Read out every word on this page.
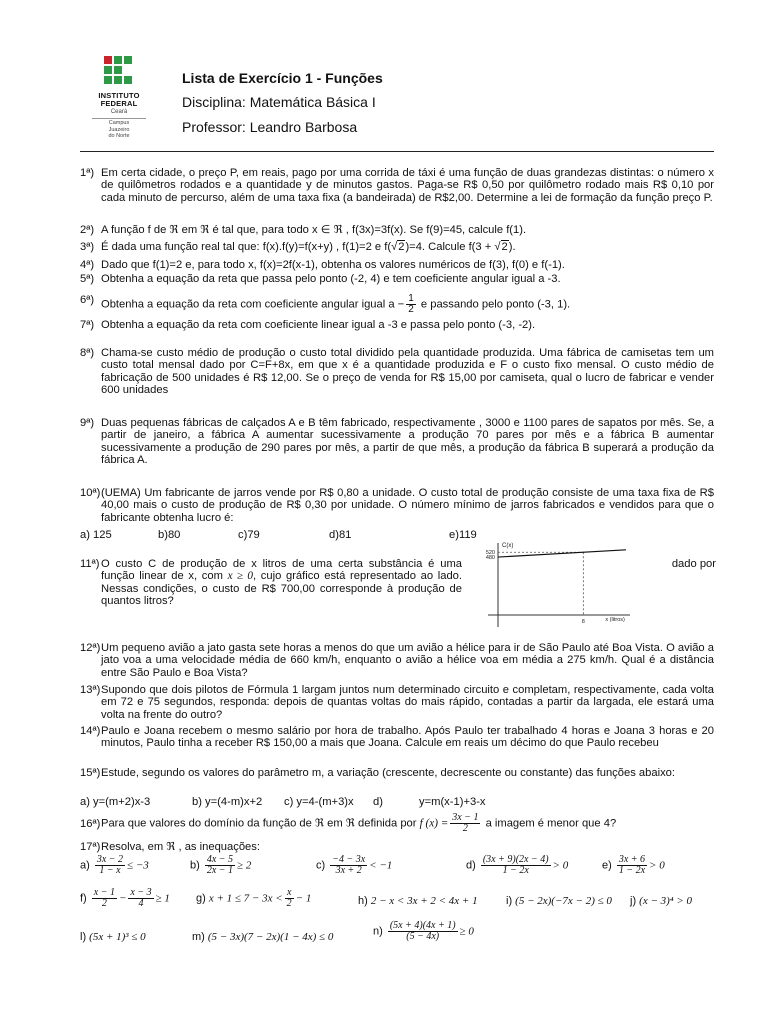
INSTITUTO
FEDERAL
Ceará
Campus
Juazeiro
do Norte
Lista de Exercício 1 - Funções
Disciplina: Matemática Básica I
Professor: Leandro Barbosa
1ª) Em certa cidade, o preço P, em reais, pago por uma corrida de táxi é uma função de duas grandezas distintas: o número x de quilômetros rodados e a quantidade y de minutos gastos. Paga-se R$ 0,50 por quilômetro rodado mais R$ 0,10 por cada minuto de percurso, além de uma taxa fixa (a bandeirada) de R$2,00. Determine a lei de formação da função preço P.
2ª) A função f de ℜ em ℜ é tal que, para todo x ∈ ℜ , f(3x)=3f(x). Se f(9)=45, calcule f(1).
3ª) É dada uma função real tal que: f(x).f(y)=f(x+y) , f(1)=2 e f(√2)=4. Calcule f(3 + √2).
4ª) Dado que f(1)=2 e, para todo x, f(x)=2f(x-1), obtenha os valores numéricos de f(3), f(0) e f(-1).
5ª) Obtenha a equação da reta que passa pelo ponto (-2, 4) e tem coeficiente angular igual a -3.
6ª) Obtenha a equação da reta com coeficiente angular igual $a - \frac{1}{2}$ e passando pelo ponto (-3, 1).
7ª) Obtenha a equação da reta com coeficiente linear igual a -3 e passa pelo ponto (-3, -2).
8ª) Chama-se custo médio de produção o custo total dividido pela quantidade produzida. Uma fábrica de camisetas tem um custo total mensal dado por C=F+8x, em que x é a quantidade produzida e F o custo fixo mensal. O custo médio de fabricação de 500 unidades é R$ 12,00. Se o preço de venda for R$ 15,00 por camiseta, qual o lucro de fabricar e vender 600 unidades
9ª) Duas pequenas fábricas de calçados A e B têm fabricado, respectivamente , 3000 e 1100 pares de sapatos por mês. Se, a partir de janeiro, a fábrica A aumentar sucessivamente a produção 70 pares por mês e a fábrica B aumentar sucessivamente a produção de 290 pares por mês, a partir de que mês, a produção da fábrica B superará a produção da fábrica A.
10ª) (UEMA) Um fabricante de jarros vende por R$ 0,80 a unidade. O custo total de produção consiste de uma taxa fixa de R$ 40,00 mais o custo de produção de R$ 0,30 por unidade. O número mínimo de jarros fabricados e vendidos para que o fabricante obtenha lucro é:
a) 125	b)80	c)79	d)81	e)119
11ª) O custo C de produção de x litros de uma certa substância é uma função linear de x, com x ≥ 0, cujo gráfico está representado ao lado. Nessas condições, o custo de R$ 700,00 corresponde à produção de quantos litros?
dado por
C(x)
x (litros)
520
480
8
12ª) Um pequeno avião a jato gasta sete horas a menos do que um avião a hélice para ir de São Paulo até Boa Vista. O avião a jato voa a uma velocidade média de 660 km/h, enquanto o avião a hélice voa em média a 275 km/h. Qual é a distância entre São Paulo e Boa Vista?
13ª) Supondo que dois pilotos de Fórmula 1 largam juntos num determinado circuito e completam, respectivamente, cada volta em 72 e 75 segundos, responda: depois de quantas voltas do mais rápido, contadas a partir da largada, ele estará uma volta na frente do outro?
14ª) Paulo e Joana recebem o mesmo salário por hora de trabalho. Após Paulo ter trabalhado 4 horas e Joana 3 horas e 20 minutos, Paulo tinha a receber R$ 150,00 a mais que Joana. Calcule em reais um décimo do que Paulo recebeu
15ª) Estude, segundo os valores do parâmetro m, a variação (crescente, decrescente ou constante) das funções abaixo:
a) y=(m+2)x-3	b) y=(4-m)x+2 c) y=4-(m+3)x d)	y=m(x-1)+3-x
16ª) Para que valores do domínio da função de ℜ em ℜ definida por f $(x) = \frac{3x - 1}{2}$ a imagem é menor que 4?
17ª) Resolva, em ℜ , as inequações:
$a) \frac{3x - 2}{1 - x} \le -3$	$b) \frac{4x - 5}{2x - 1} \ge 2$	$c) \frac{-4 - 3x}{3x + 2} < -1$	$d) \frac{(3x + 9)(2x - 4)}{1 - 2x} > 0$	$e) \frac{3x + 6}{1 - 2x} > 0$
$f) \frac{x - 1}{2} - \frac{x - 3}{4} \ge 1$ g) $x + 1 \le 7 - 3x < \frac{x}{2} - 1$	h) 2 − x < 3x + 2 < 4x + 1	i) (5 − 2x)(−7x − 2) ≤ 0 j) (x − 3)⁴ > 0
l) (5x + 1)³ ≤ 0	m) (5 − 3x)(7 − 2x)(1 − 4x) ≤ 0	$n) \frac{(5x + 4)(4x + 1)}{(5 - 4x)} \ge 0$
